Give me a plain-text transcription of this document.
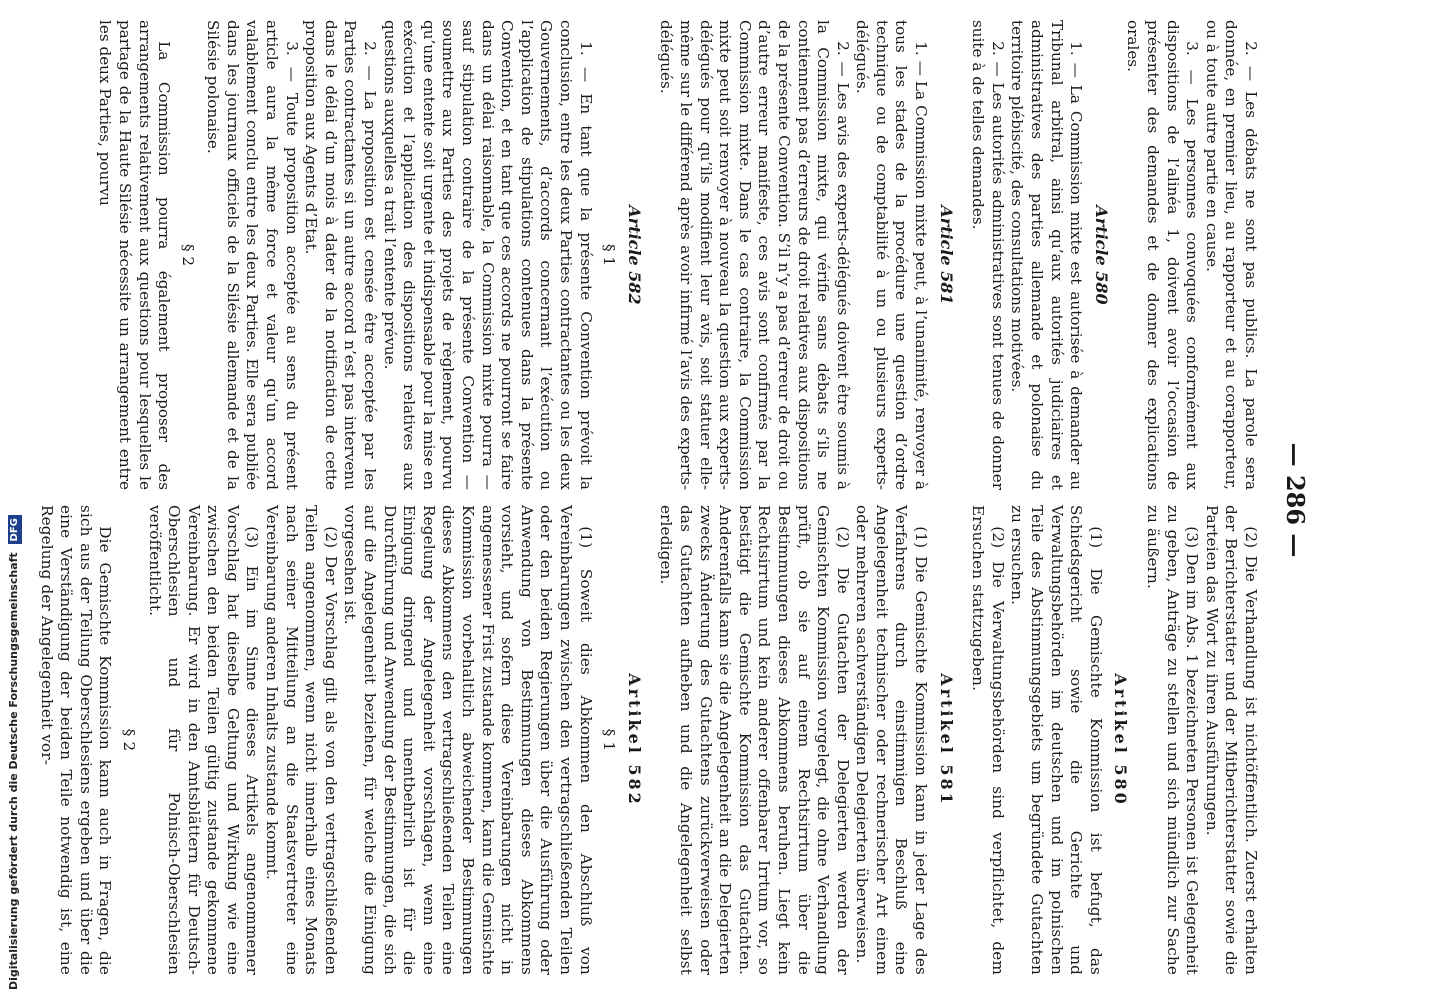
— 286 —

2. — Les débats ne sont pas publics. La parole sera donnée, en premier lieu, au rapporteur et au corapporteur, ou à toute autre partie en cause.

3. — Les personnes convoquées conformément aux dispositions de l’alinéa 1, doivent avoir l’occasion de présenter des demandes et de donner des explications orales.

Article 580

1. — La Commission mixte est autorisée à demander au Tribunal arbitral, ainsi qu’aux autorités judiciaires et administratives des parties allemande et polonaise du territoire plébiscité, des consultations motivées.

2. — Les autorités administratives sont tenues de donner suite à de telles demandes.

Article 581

1. — La Commission mixte peut, à l’unanimité, renvoyer à tous les stades de la procédure une question d’ordre technique ou de comptabilité à un ou plusieurs experts-délégués.

2. — Les avis des experts-délégués doivent être soumis à la Commission mixte, qui vérifie sans débats s’ils ne contiennent pas d’erreurs de droit relatives aux dispositions de la présente Convention. S’il n’y a pas d’erreur de droit ou d’autre erreur manifeste, ces avis sont confirmés par la Commission mixte. Dans le cas contraire, la Commission mixte peut soit renvoyer à nouveau la question aux experts-délégués pour qu’ils modifient leur avis, soit statuer elle-même sur le différend après avoir infirmé l’avis des experts-délégués.

Article 582
§ 1

1. — En tant que la présente Convention prévoit la conclusion, entre les deux Parties contractantes ou les deux Gouvernements, d’accords concernant l’exécution ou l’application de stipulations contenues dans la présente Convention, et en tant que ces accords ne pourront se faire dans un délai raisonnable, la Commission mixte pourra — sauf stipulation contraire de la présente Convention — soumettre aux Parties des projets de règlement, pourvu qu’une entente soit urgente et indispensable pour la mise en exécution et l’application des dispositions relatives aux questions auxquelles a trait l’entente prévue.

2. — La proposition est censée être acceptée par les Parties contractantes si un autre accord n’est pas intervenu dans le délai d’un mois à dater de la notification de cette proposition aux Agents d’Etat.

3. — Toute proposition acceptée au sens du présent article aura la même force et valeur qu’un accord valablement conclu entre les deux Parties. Elle sera publiée dans les journaux officiels de la Silésie allemande et de la Silésie polonaise.

§ 2

La Commission pourra également proposer des arrangements relativement aux questions pour lesquelles le partage de la Haute Silésie nécessite un arrangement entre les deux Parties, pourvu

(2) Die Verhandlung ist nichtöffentlich. Zuerst erhalten der Berichterstatter und der Mitberichterstatter sowie die Parteien das Wort zu ihren Ausführungen.

(3) Den im Abs. 1 bezeichneten Personen ist Gelegenheit zu geben, Anträge zu stellen und sich mündlich zur Sache zu äußern.

Artikel 580

(1) Die Gemischte Kommission ist befugt, das Schiedsgericht sowie die Gerichte und Verwaltungsbehörden im deutschen und im polnischen Teile des Abstimmungsgebiets um begründete Gutachten zu ersuchen.

(2) Die Verwaltungsbehörden sind verpflichtet, dem Ersuchen stattzugeben.

Artikel 581

(1) Die Gemischte Kommission kann in jeder Lage des Verfahrens durch einstimmigen Beschluß eine Angelegenheit technischer oder rechnerischer Art einem oder mehreren sachverständigen Delegierten überweisen.

(2) Die Gutachten der Delegierten werden der Gemischten Kommission vorgelegt, die ohne Verhandlung prüft, ob sie auf einem Rechtsirrtum über die Bestimmungen dieses Abkommens beruhen. Liegt kein Rechtsirrtum und kein anderer offenbarer Irrtum vor, so bestätigt die Gemischte Kommission das Gutachten. Anderenfalls kann sie die Angelegenheit an die Delegierten zwecks Änderung des Gutachtens zurückverweisen oder das Gutachten aufheben und die Angelegenheit selbst erledigen.

Artikel 582
§ 1

(1) Soweit dies Abkommen den Abschluß von Vereinbarungen zwischen den vertragschließenden Teilen oder den beiden Regierungen über die Ausführung oder Anwendung von Bestimmungen dieses Abkommens vorsieht, und sofern diese Vereinbarungen nicht in angemessener Frist zustande kommen, kann die Gemischte Kommission vorbehaltlich abweichender Bestimmungen dieses Abkommens den vertragschließenden Teilen eine Regelung der Angelegenheit vorschlagen, wenn eine Einigung dringend und unentbehrlich ist für die Durchführung und Anwendung der Bestimmungen, die sich auf die Angelegenheit beziehen, für welche die Einigung vorgesehen ist.

(2) Der Vorschlag gilt als von den vertragschließenden Teilen angenommen, wenn nicht innerhalb eines Monats nach seiner Mitteilung an die Staatsvertreter eine Vereinbarung anderen Inhalts zustande kommt.

(3) Ein im Sinne dieses Artikels angenommener Vorschlag hat dieselbe Geltung und Wirkung wie eine zwischen den beiden Teilen gültig zustande gekommene Vereinbarung. Er wird in den Amtsblättern für Deutsch-Oberschlesien und für Polnisch-Oberschlesien veröffentlicht.

§ 2

Die Gemischte Kommission kann auch in Fragen, die sich aus der Teilung Oberschlesiens ergeben und über die eine Verständigung der beiden Teile notwendig ist, eine Regelung der Angelegenheit vor-

Digitalisierung gefördert durch die Deutsche Forschungsgemeinschaft DFG
